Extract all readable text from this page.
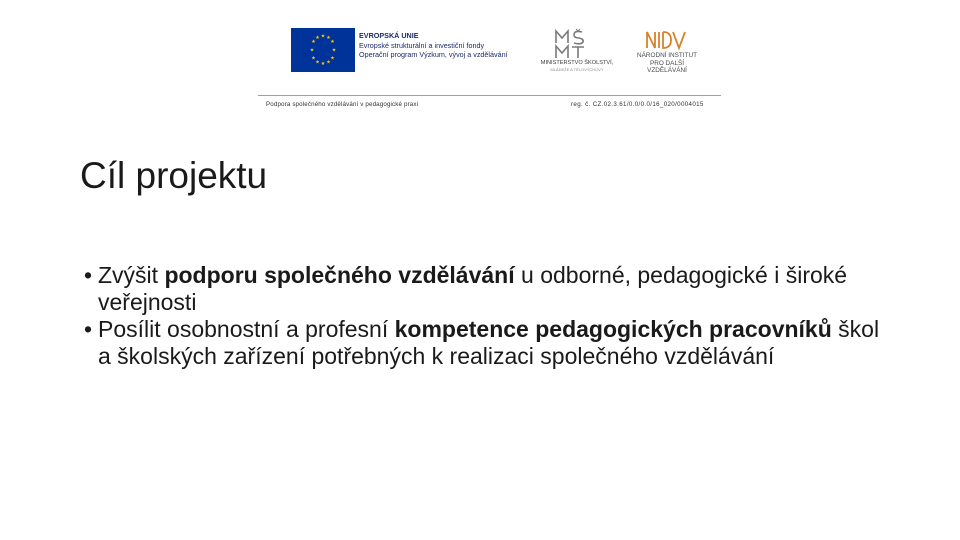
★ ★
★
★
★
★
★
★
★
★
★
★	EVROPSKÁ UNIE
Evropské strukturální a investiční fondy
Operační program Výzkum, vývoj a vzdělávání
MINISTERSTVO ŠKOLSTVÍ,
MLÁDEŽE A TĚLOVÝCHOVY
NÁRODNÍ INSTITUT
PRO DALŠÍ
VZDĚLÁVÁNÍ
Podpora společného vzdělávání v pedagogické praxi	reg. č. CZ.02.3.61/0.0/0.0/16_020/0004015
Cíl projektu
• Zvýšit podporu společného vzdělávání u odborné, pedagogické i široké veřejnosti
• Posílit osobnostní a profesní kompetence pedagogických pracovníků škol a školských zařízení potřebných k realizaci společného vzdělávání
